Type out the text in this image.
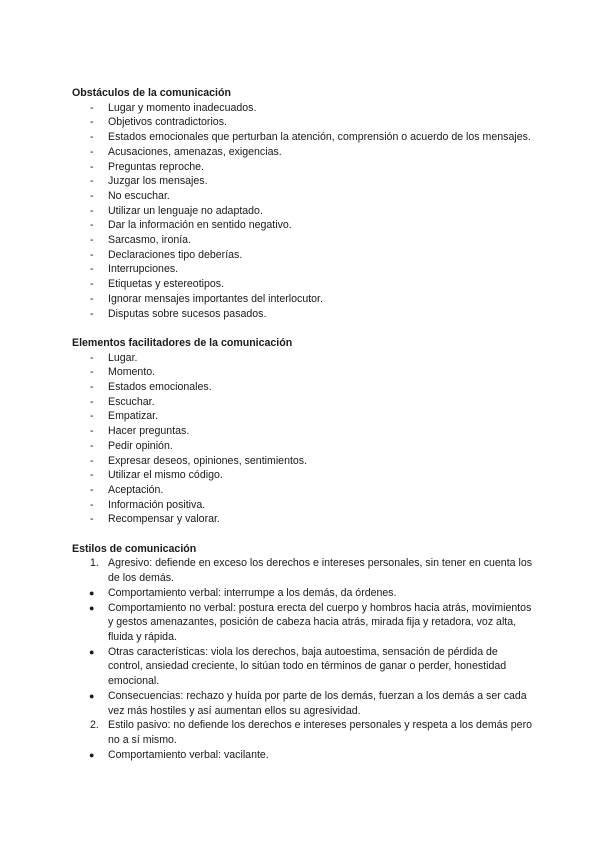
Obstáculos de la comunicación

- Lugar y momento inadecuados.
- Objetivos contradictorios.
- Estados emocionales que perturban la atención, comprensión o acuerdo de los mensajes.
- Acusaciones, amenazas, exigencias.
- Preguntas reproche.
- Juzgar los mensajes.
- No escuchar.
- Utilizar un lenguaje no adaptado.
- Dar la información en sentido negativo.
- Sarcasmo, ironía.
- Declaraciones tipo deberías.
- Interrupciones.
- Etiquetas y estereotipos.
- Ignorar mensajes importantes del interlocutor.
- Disputas sobre sucesos pasados.

Elementos facilitadores de la comunicación

- Lugar.
- Momento.
- Estados emocionales.
- Escuchar.
- Empatizar.
- Hacer preguntas.
- Pedir opinión.
- Expresar deseos, opiniones, sentimientos.
- Utilizar el mismo código.
- Aceptación.
- Información positiva.
- Recompensar y valorar.

Estilos de comunicación

1. Agresivo: defiende en exceso los derechos e intereses personales, sin tener en cuenta los de los demás.
● Comportamiento verbal: interrumpe a los demás, da órdenes.
● Comportamiento no verbal: postura erecta del cuerpo y hombros hacia atrás, movimientos y gestos amenazantes, posición de cabeza hacia atrás, mirada fija y retadora, voz alta, fluida y rápida.
● Otras características: viola los derechos, baja autoestima, sensación de pérdida de control, ansiedad creciente, lo sitúan todo en términos de ganar o perder, honestidad emocional.
● Consecuencias: rechazo y huída por parte de los demás, fuerzan a los demás a ser cada vez más hostiles y así aumentan ellos su agresividad.
2. Estilo pasivo: no defiende los derechos e intereses personales y respeta a los demás pero no a sí mismo.
● Comportamiento verbal: vacilante.
